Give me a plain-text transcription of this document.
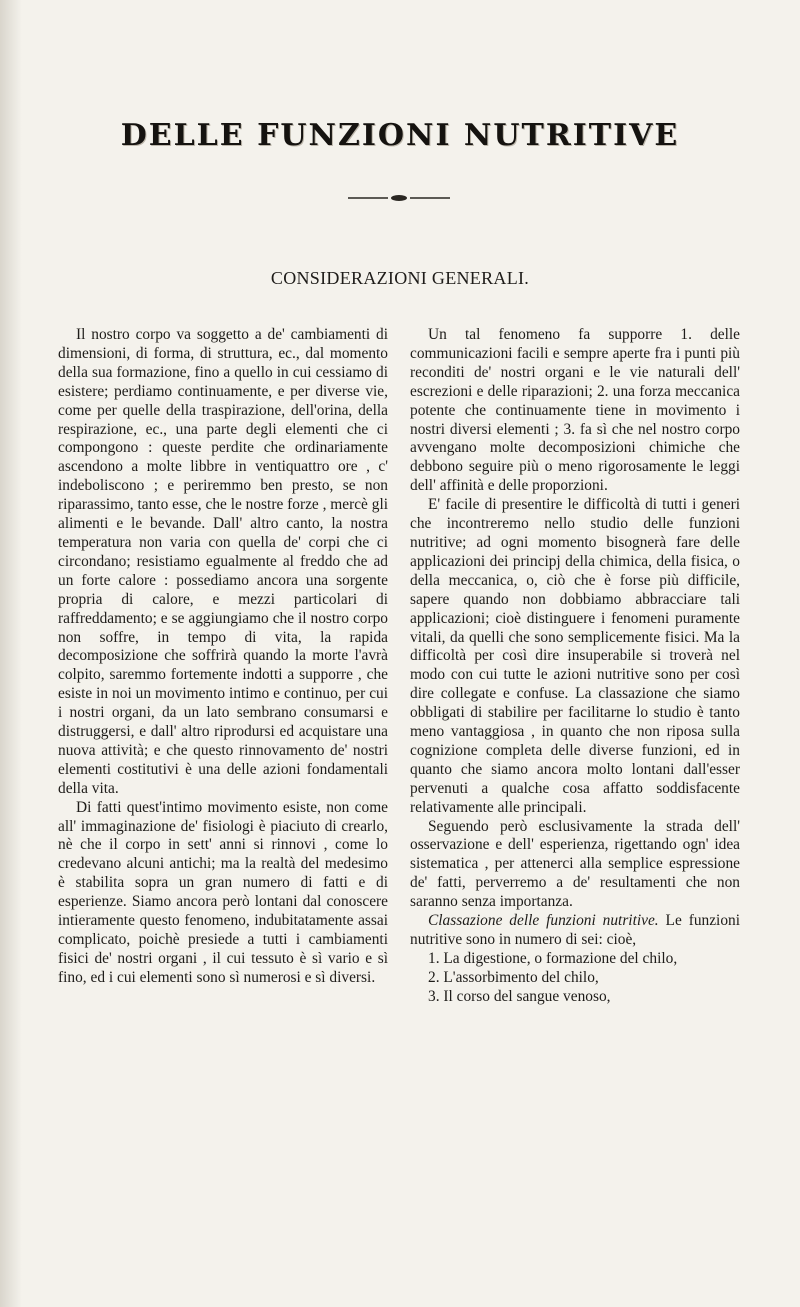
DELLE FUNZIONI NUTRITIVE
CONSIDERAZIONI GENERALI.

Il nostro corpo va soggetto a de' cambiamenti di dimensioni, di forma, di struttura, ec., dal momento della sua formazione, fino a quello in cui cessiamo di esistere; perdiamo continuamente, e per diverse vie, come per quelle della traspirazione, dell'orina, della respirazione, ec., una parte degli elementi che ci compongono : queste perdite che ordinariamente ascendono a molte libbre in ventiquattro ore , c' indeboliscono ; e periremmo ben presto, se non riparassimo, tanto esse, che le nostre forze , mercè gli alimenti e le bevande. Dall' altro canto, la nostra temperatura non varia con quella de' corpi che ci circondano; resistiamo egualmente al freddo che ad un forte calore : possediamo ancora una sorgente propria di calore, e mezzi particolari di raffreddamento; e se aggiungiamo che il nostro corpo non soffre, in tempo di vita, la rapida decomposizione che soffrirà quando la morte l'avrà colpito, saremmo fortemente indotti a supporre , che esiste in noi un movimento intimo e continuo, per cui i nostri organi, da un lato sembrano consumarsi e distruggersi, e dall' altro riprodursi ed acquistare una nuova attività; e che questo rinnovamento de' nostri elementi costitutivi è una delle azioni fondamentali della vita.

Di fatti quest'intimo movimento esiste, non come all' immaginazione de' fisiologi è piaciuto di crearlo, nè che il corpo in sett' anni si rinnovi , come lo credevano alcuni antichi; ma la realtà del medesimo è stabilita sopra un gran numero di fatti e di esperienze. Siamo ancora però lontani dal conoscere intieramente questo fenomeno, indubitatamente assai complicato, poichè presiede a tutti i cambiamenti fisici de' nostri organi , il cui tessuto è sì vario e sì fino, ed i cui elementi sono sì numerosi e sì diversi.

Un tal fenomeno fa supporre 1. delle communicazioni facili e sempre aperte fra i punti più reconditi de' nostri organi e le vie naturali dell' escrezioni e delle riparazioni; 2. una forza meccanica potente che continuamente tiene in movimento i nostri diversi elementi ; 3. fa sì che nel nostro corpo avvengano molte decomposizioni chimiche che debbono seguire più o meno rigorosamente le leggi dell' affinità e delle proporzioni.

E' facile di presentire le difficoltà di tutti i generi che incontreremo nello studio delle funzioni nutritive; ad ogni momento bisognerà fare delle applicazioni dei principj della chimica, della fisica, o della meccanica, o, ciò che è forse più difficile, sapere quando non dobbiamo abbracciare tali applicazioni; cioè distinguere i fenomeni puramente vitali, da quelli che sono semplicemente fisici. Ma la difficoltà per così dire insuperabile si troverà nel modo con cui tutte le azioni nutritive sono per così dire collegate e confuse. La classazione che siamo obbligati di stabilire per facilitarne lo studio è tanto meno vantaggiosa , in quanto che non riposa sulla cognizione completa delle diverse funzioni, ed in quanto che siamo ancora molto lontani dall'esser pervenuti a qualche cosa affatto soddisfacente relativamente alle principali.

Seguendo però esclusivamente la strada dell' osservazione e dell' esperienza, rigettando ogn' idea sistematica , per attenerci alla semplice espressione de' fatti, perverremo a de' resultamenti che non saranno senza importanza.

Classazione delle funzioni nutritive. Le funzioni nutritive sono in numero di sei: cioè,

1. La digestione, o formazione del chilo,

2. L'assorbimento del chilo,

3. Il corso del sangue venoso,
